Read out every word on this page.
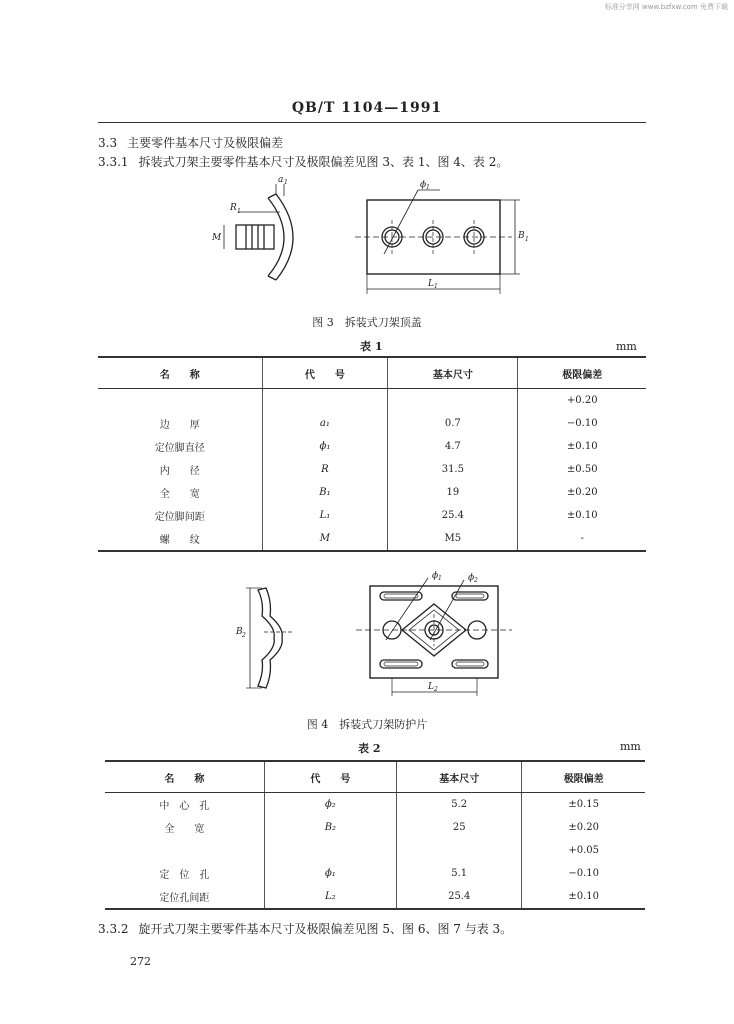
标准分享网 www.bzfxw.com 免费下载
QB/T 1104—1991
3.3 主要零件基本尺寸及极限偏差
3.3.1 拆装式刀架主要零件基本尺寸及极限偏差见图 3、表 1、图 4、表 2。
a 1
R 1
M
ϕ 1
B 1
L 1
图 3　拆装式刀架顶盖
表 1	mm
名　　称	代　　号	基本尺寸	极限偏差
			+0.20
边　　厚	a₁	0.7	−0.10
定位脚直径	ϕ₁	4.7	±0.10
内　　径	R	31.5	±0.50
全　　宽	B₁	19	±0.20
定位脚间距	L₁	25.4	±0.10
螺　　纹	M	M5	-
ϕ 1	ϕ 2
B 2
L 2
图 4　拆装式刀架防护片
表 2	mm
名　　称	代　　号	基本尺寸	极限偏差
中　心　孔	ϕ₂	5.2	±0.15
全　　宽	B₂	25	±0.20
			+0.05
定　位　孔	ϕ₁	5.1	−0.10
定位孔间距	L₂	25.4	±0.10
3.3.2 旋开式刀架主要零件基本尺寸及极限偏差见图 5、图 6、图 7 与表 3。
272
